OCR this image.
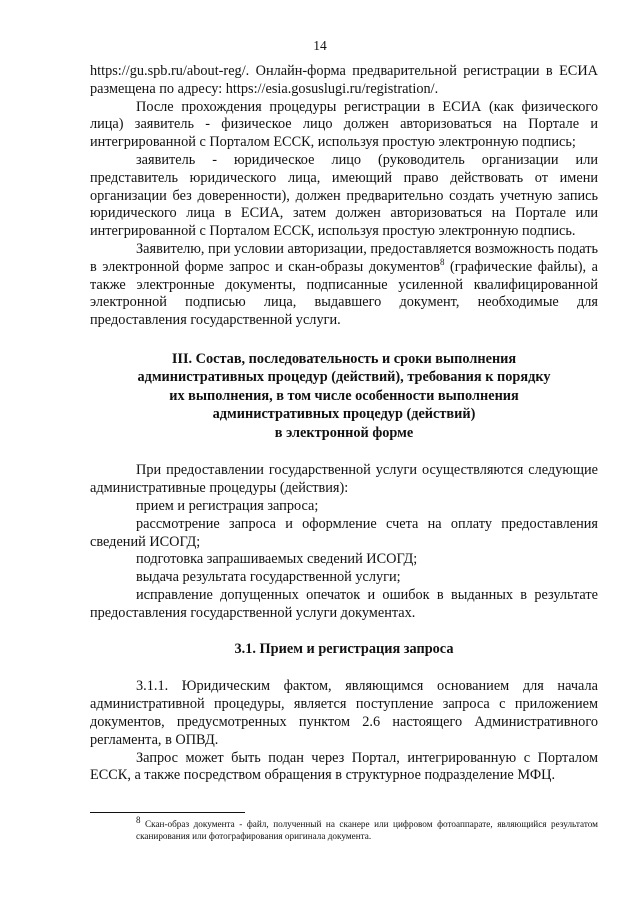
14

https://gu.spb.ru/about-reg/. Онлайн-форма предварительной регистрации в ЕСИА размещена по адресу: https://esia.gosuslugi.ru/registration/.

После прохождения процедуры регистрации в ЕСИА (как физического лица) заявитель - физическое лицо должен авторизоваться на Портале и интегрированной с Порталом ЕССК, используя простую электронную подпись;

заявитель - юридическое лицо (руководитель организации или представитель юридического лица, имеющий право действовать от имени организации без доверенности), должен предварительно создать учетную запись юридического лица в ЕСИА, затем должен авторизоваться на Портале или интегрированной с Порталом ЕССК, используя простую электронную подпись.

Заявителю, при условии авторизации, предоставляется возможность подать в электронной форме запрос и скан-образы документов$^8$ (графические файлы), а также электронные документы, подписанные усиленной квалифицированной электронной подписью лица, выдавшего документ, необходимые для предоставления государственной услуги.

III. Состав, последовательность и сроки выполнения
административных процедур (действий), требования к порядку
их выполнения, в том числе особенности выполнения
административных процедур (действий)
в электронной форме

При предоставлении государственной услуги осуществляются следующие административные процедуры (действия):

прием и регистрация запроса;

рассмотрение запроса и оформление счета на оплату предоставления сведений ИСОГД;

подготовка запрашиваемых сведений ИСОГД;

выдача результата государственной услуги;

исправление допущенных опечаток и ошибок в выданных в результате предоставления государственной услуги документах.

3.1. Прием и регистрация запроса

3.1.1. Юридическим фактом, являющимся основанием для начала административной процедуры, является поступление запроса с приложением документов, предусмотренных пунктом 2.6 настоящего Административного регламента, в ОПВД.

Запрос может быть подан через Портал, интегрированную с Порталом ЕССК, а также посредством обращения в структурное подразделение МФЦ.

$^8$ Скан-образ документа - файл, полученный на сканере или цифровом фотоаппарате, являющийся результатом сканирования или фотографирования оригинала документа.
